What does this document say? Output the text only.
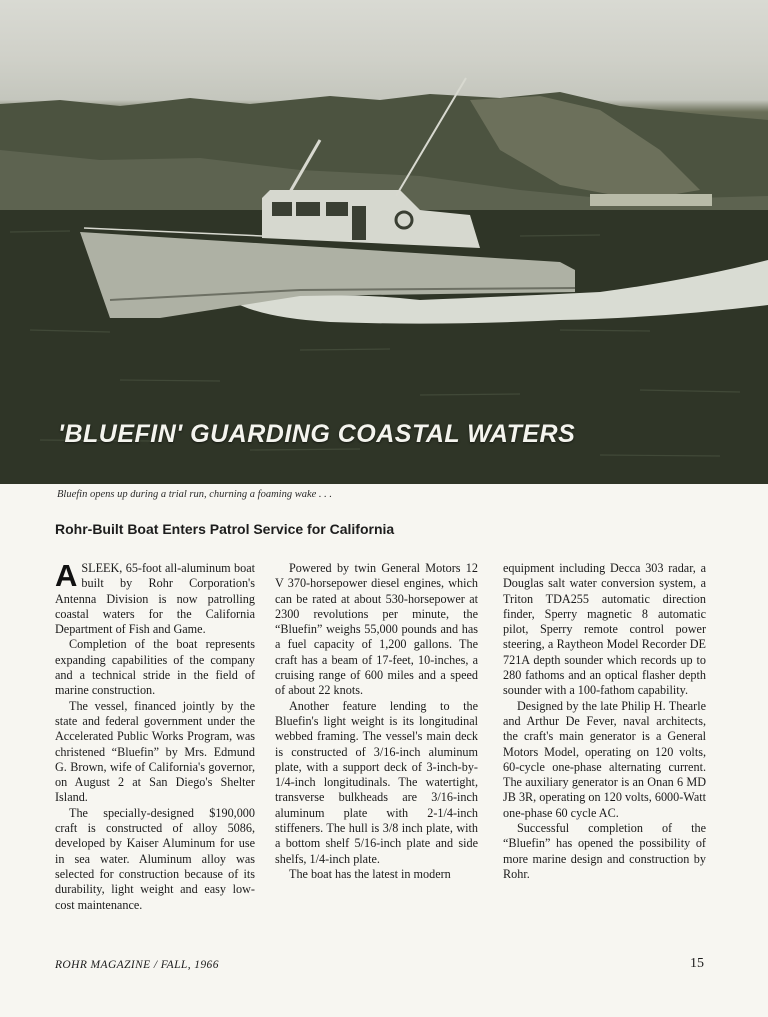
'BLUEFIN' GUARDING COASTAL WATERS
Bluefin opens up during a trial run, churning a foaming wake . . .
Rohr-Built Boat Enters Patrol Service for California

ASLEEK, 65-foot all-aluminum boat built by Rohr Corporation's Antenna Division is now patrolling coastal waters for the California Department of Fish and Game.

Completion of the boat represents expanding capabilities of the company and a technical stride in the field of marine construction.

The vessel, financed jointly by the state and federal government under the Accelerated Public Works Program, was christened “Bluefin” by Mrs. Edmund G. Brown, wife of California's governor, on August 2 at San Diego's Shelter Island.

The specially-designed $190,000 craft is constructed of alloy 5086, developed by Kaiser Aluminum for use in sea water. Aluminum alloy was selected for construction because of its durability, light weight and easy low-cost maintenance.

Powered by twin General Motors 12 V 370-horsepower diesel engines, which can be rated at about 530-horsepower at 2300 revolutions per minute, the “Bluefin” weighs 55,000 pounds and has a fuel capacity of 1,200 gallons. The craft has a beam of 17-feet, 10-inches, a cruising range of 600 miles and a speed of about 22 knots.

Another feature lending to the Bluefin's light weight is its longitudinal webbed framing. The vessel's main deck is constructed of 3/16-inch aluminum plate, with a support deck of 3-inch-by-1/4-inch longitudinals. The watertight, transverse bulkheads are 3/16-inch aluminum plate with 2-1/4-inch stiffeners. The hull is 3/8 inch plate, with a bottom shelf 5/16-inch plate and side shelfs, 1/4-inch plate.

The boat has the latest in modern

equipment including Decca 303 radar, a Douglas salt water conversion system, a Triton TDA255 automatic direction finder, Sperry magnetic 8 automatic pilot, Sperry remote control power steering, a Raytheon Model Recorder DE 721A depth sounder which records up to 280 fathoms and an optical flasher depth sounder with a 100-fathom capability.

Designed by the late Philip H. Thearle and Arthur De Fever, naval architects, the craft's main generator is a General Motors Model, operating on 120 volts, 60-cycle one-phase alternating current. The auxiliary generator is an Onan 6 MD JB 3R, operating on 120 volts, 6000-Watt one-phase 60 cycle AC.

Successful completion of the “Bluefin” has opened the possibility of more marine design and construction by Rohr.

ROHR MAGAZINE / FALL, 1966	15
